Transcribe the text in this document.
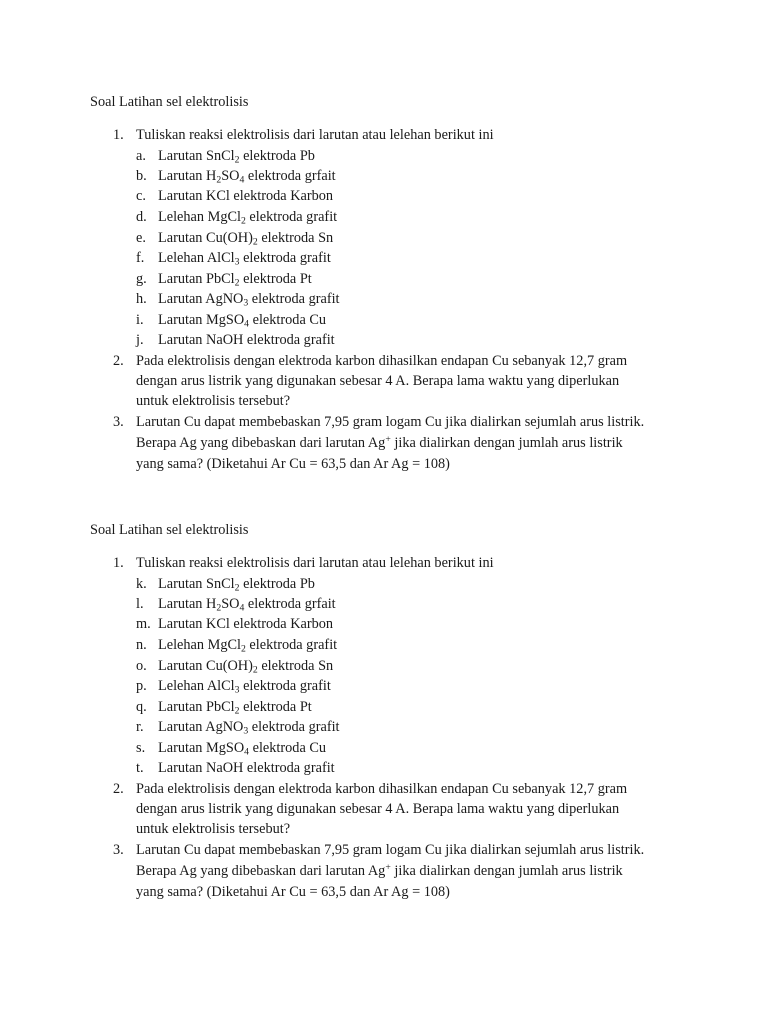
Soal Latihan sel elektrolisis
1. Tuliskan reaksi elektrolisis dari larutan atau lelehan berikut ini
a. Larutan SnCl$_2$ elektroda Pb
b. Larutan $H_2SO_4$ elektroda grfait
c. Larutan KCl elektroda Karbon
d. Lelehan MgCl$_2$ elektroda grafit
e. Larutan $Cu(OH)_2$ elektroda Sn
f. Lelehan AlCl$_3$ elektroda grafit
g. Larutan PbCl$_2$ elektroda Pt
h. Larutan AgNO$_3$ elektroda grafit
i. Larutan MgSO$_4$ elektroda Cu
j. Larutan NaOH elektroda grafit
2. Pada elektrolisis dengan elektroda karbon dihasilkan endapan Cu sebanyak 12,7 gram
dengan arus listrik yang digunakan sebesar 4 A. Berapa lama waktu yang diperlukan
untuk elektrolisis tersebut?
3. Larutan Cu dapat membebaskan 7,95 gram logam Cu jika dialirkan sejumlah arus listrik.
Berapa Ag yang dibebaskan dari larutan Ag+ jika dialirkan dengan jumlah arus listrik
yang sama? (Diketahui Ar Cu = 63,5 dan Ar Ag = 108)
Soal Latihan sel elektrolisis
1. Tuliskan reaksi elektrolisis dari larutan atau lelehan berikut ini
k. Larutan SnCl$_2$ elektroda Pb
l. Larutan $H_2SO_4$ elektroda grfait
m. Larutan KCl elektroda Karbon
n. Lelehan MgCl$_2$ elektroda grafit
o. Larutan $Cu(OH)_2$ elektroda Sn
p. Lelehan AlCl$_3$ elektroda grafit
q. Larutan PbCl$_2$ elektroda Pt
r. Larutan AgNO$_3$ elektroda grafit
s. Larutan MgSO$_4$ elektroda Cu
t. Larutan NaOH elektroda grafit
2. Pada elektrolisis dengan elektroda karbon dihasilkan endapan Cu sebanyak 12,7 gram
dengan arus listrik yang digunakan sebesar 4 A. Berapa lama waktu yang diperlukan
untuk elektrolisis tersebut?
3. Larutan Cu dapat membebaskan 7,95 gram logam Cu jika dialirkan sejumlah arus listrik.
Berapa Ag yang dibebaskan dari larutan Ag+ jika dialirkan dengan jumlah arus listrik
yang sama? (Diketahui Ar Cu = 63,5 dan Ar Ag = 108)
